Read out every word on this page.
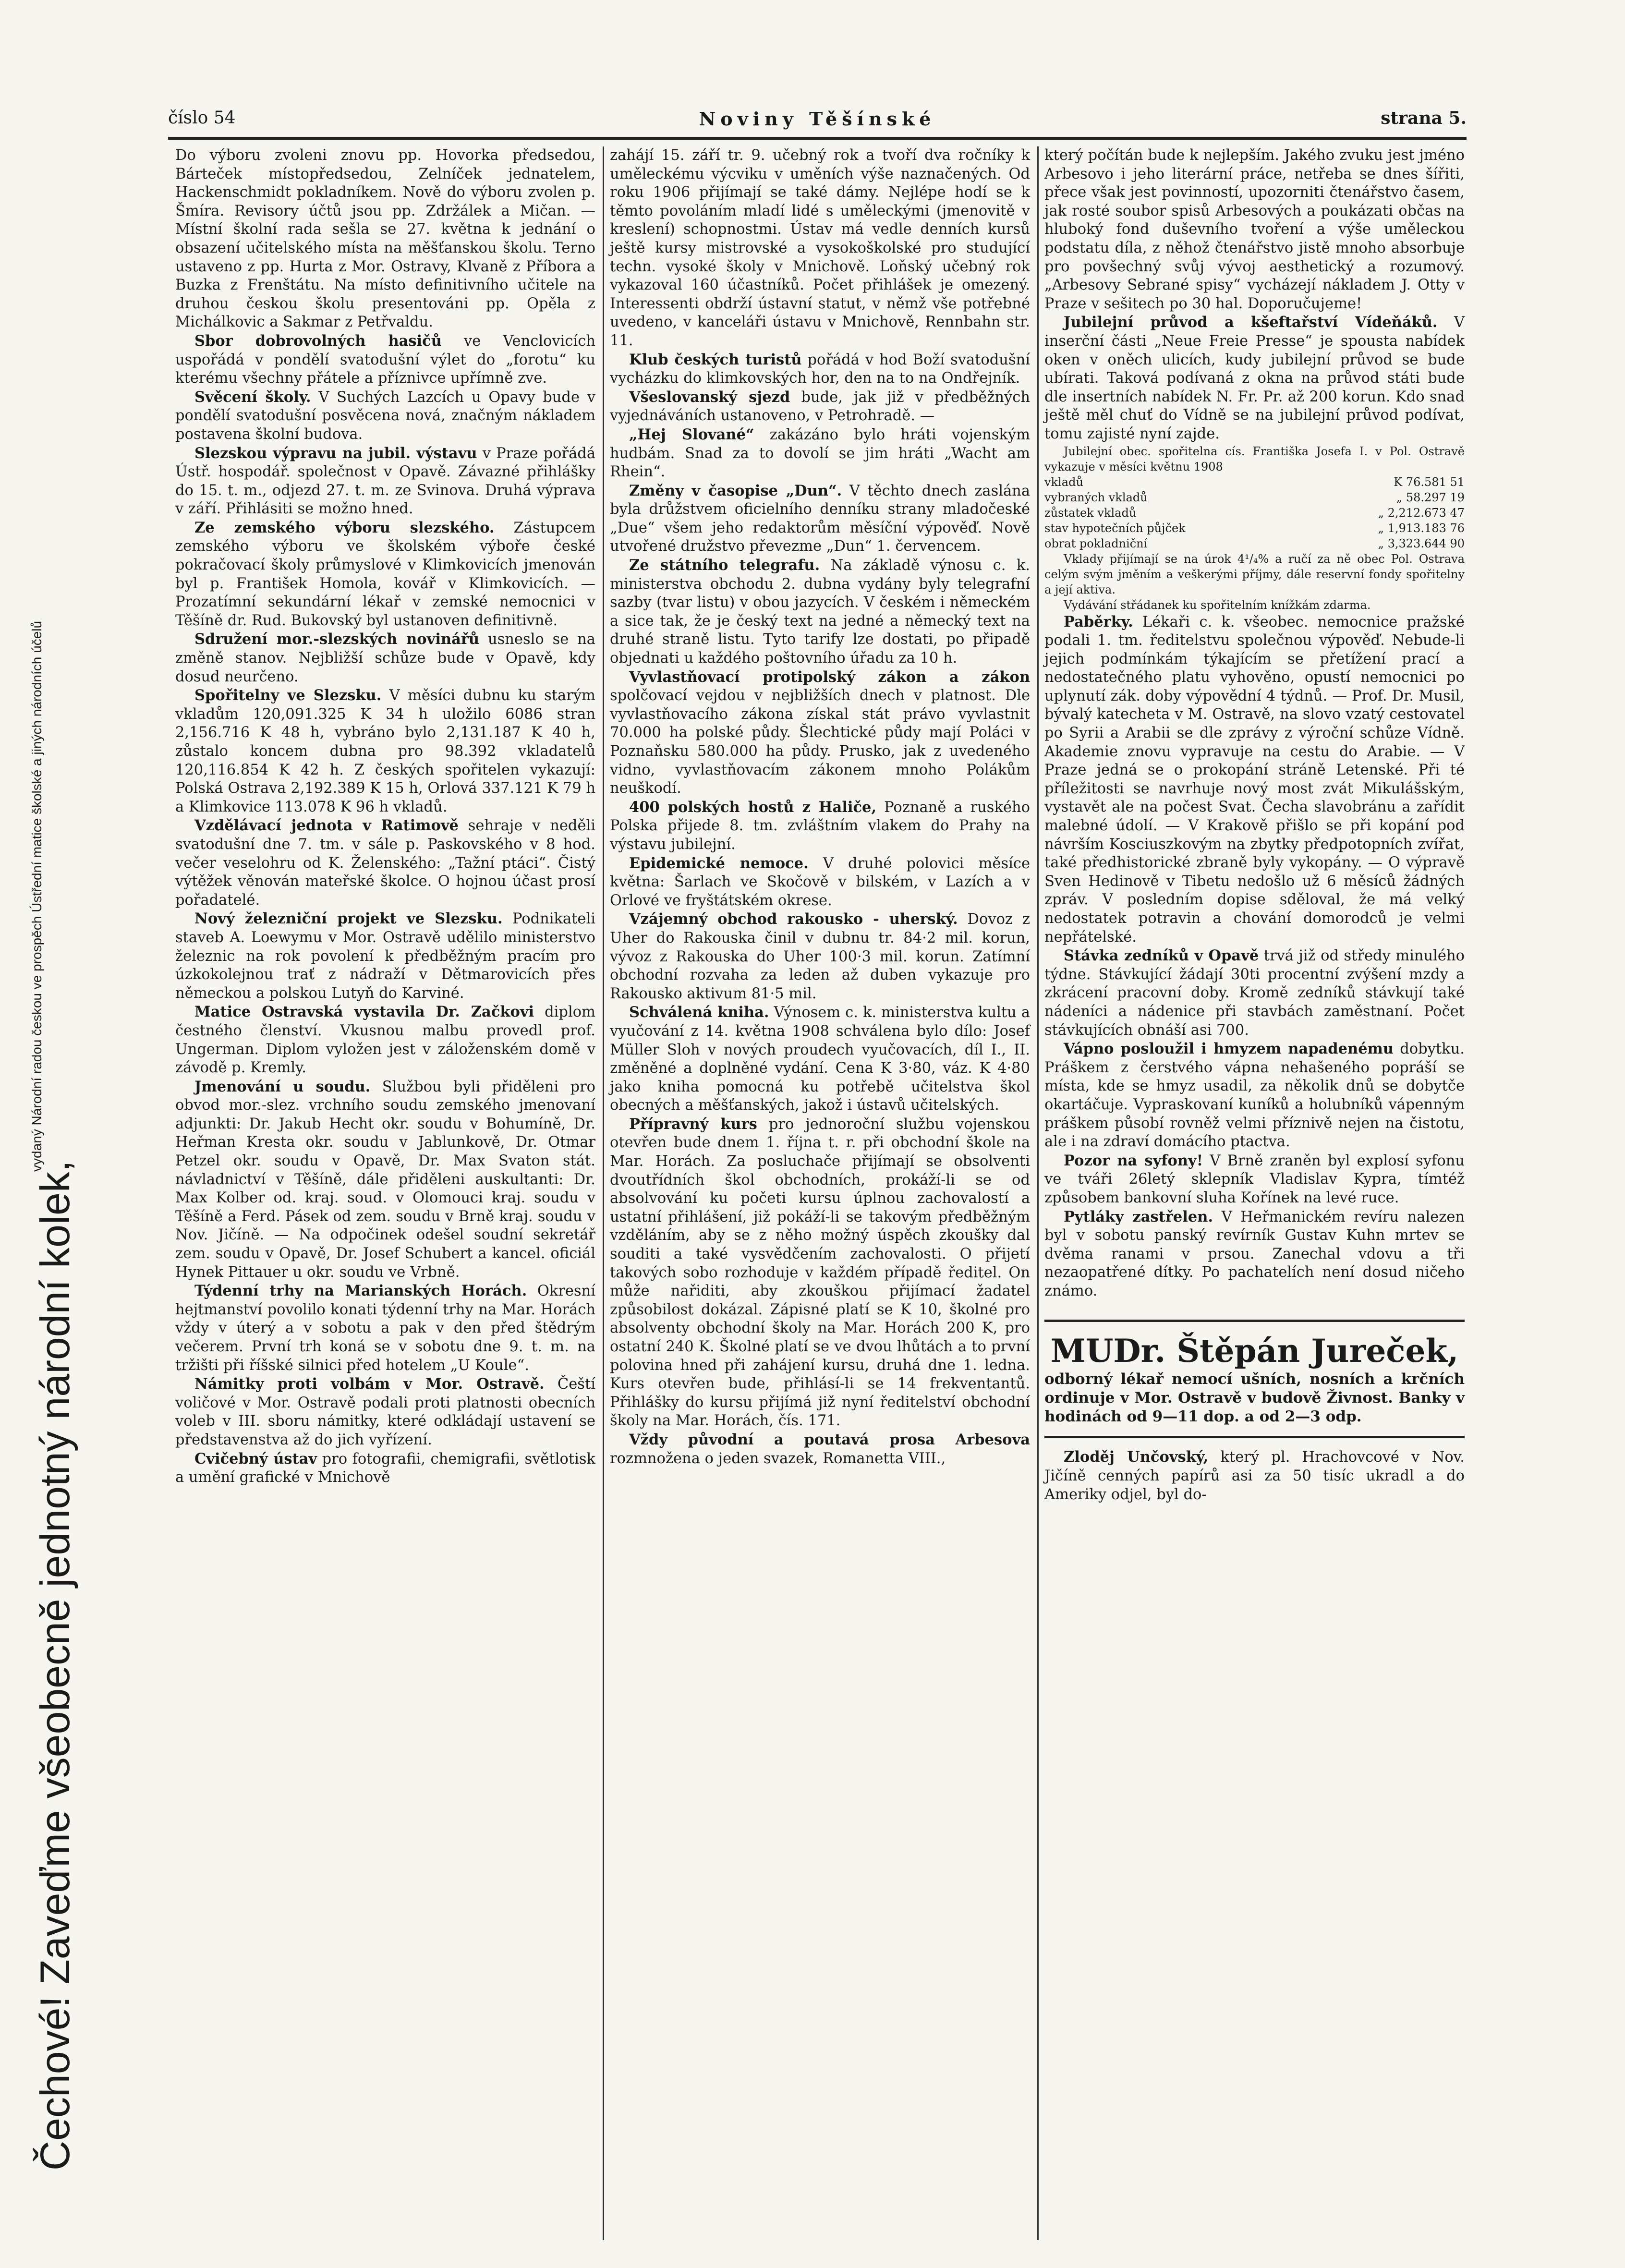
číslo 54	Noviny Těšínské	strana 5.
Čechové! Zaveďme všeobecně jednotný národní kolek,
vydaný Národní radou českou ve prospěch Ústřední matice školské a jiných národních účelů

Do výboru zvoleni znovu pp. Hovorka předsedou, Bárteček místopředsedou, Zelníček jednatelem, Hackenschmidt pokladníkem. Nově do výboru zvolen p. Šmíra. Revisory účtů jsou pp. Zdržálek a Mičan. — Místní školní rada sešla se 27. května k jednání o obsazení učitelského místa na měšťanskou školu. Terno ustaveno z pp. Hurta z Mor. Ostravy, Klvaně z Příbora a Buzka z Frenštátu. Na místo definitivního učitele na druhou českou školu presentováni pp. Opěla z Michálkovic a Sakmar z Petřvaldu.

Sbor dobrovolných hasičů ve Venclovicích uspořádá v pondělí svatodušní výlet do „forotu“ ku kterému všechny přátele a příznivce upřímně zve.

Svěcení školy. V Suchých Lazcích u Opavy bude v pondělí svatodušní posvěcena nová, značným nákladem postavena školní budova.

Slezskou výpravu na jubil. výstavu v Praze pořádá Ústř. hospodář. společnost v Opavě. Závazné přihlášky do 15. t. m., odjezd 27. t. m. ze Svinova. Druhá výprava v září. Přihlásiti se možno hned.

Ze zemského výboru slezského. Zástupcem zemského výboru ve školském výboře české pokračovací školy průmyslové v Klimkovicích jmenován byl p. František Homola, kovář v Klimkovicích. — Prozatímní sekundární lékař v zemské nemocnici v Těšíně dr. Rud. Bukovský byl ustanoven definitivně.

Sdružení mor.-slezských novinářů usneslo se na změně stanov. Nejbližší schůze bude v Opavě, kdy dosud neurčeno.

Spořitelny ve Slezsku. V měsíci dubnu ku starým vkladům 120,091.325 K 34 h uložilo 6086 stran 2,156.716 K 48 h, vybráno bylo 2,131.187 K 40 h, zůstalo koncem dubna pro 98.392 vkladatelů 120,116.854 K 42 h. Z českých spořitelen vykazují: Polská Ostrava 2,192.389 K 15 h, Orlová 337.121 K 79 h a Klimkovice 113.078 K 96 h vkladů.

Vzdělávací jednota v Ratimově sehraje v neděli svatodušní dne 7. tm. v sále p. Paskovského v 8 hod. večer veselohru od K. Želenského: „Tažní ptáci“. Čistý výtěžek věnován mateřské školce. O hojnou účast prosí pořadatelé.

Nový železniční projekt ve Slezsku. Podnikateli staveb A. Loewymu v Mor. Ostravě udělilo ministerstvo železnic na rok povolení k předběžným pracím pro úzkokolejnou trať z nádraží v Dětmarovicích přes německou a polskou Lutyň do Karviné.

Matice Ostravská vystavila Dr. Začkovi diplom čestného členství. Vkusnou malbu provedl prof. Ungerman. Diplom vyložen jest v záloženském domě v závodě p. Kremly.

Jmenování u soudu. Službou byli přiděleni pro obvod mor.-slez. vrchního soudu zemského jmenovaní adjunkti: Dr. Jakub Hecht okr. soudu v Bohumíně, Dr. Heřman Kresta okr. soudu v Jablunkově, Dr. Otmar Petzel okr. soudu v Opavě, Dr. Max Svaton stát. návladnictví v Těšíně, dále přiděleni auskultanti: Dr. Max Kolber od. kraj. soud. v Olomouci kraj. soudu v Těšíně a Ferd. Pásek od zem. soudu v Brně kraj. soudu v Nov. Jičíně. — Na odpočinek odešel soudní sekretář zem. soudu v Opavě, Dr. Josef Schubert a kancel. oficiál Hynek Pittauer u okr. soudu ve Vrbně.

Týdenní trhy na Marianských Horách. Okresní hejtmanství povolilo konati týdenní trhy na Mar. Horách vždy v úterý a v sobotu a pak v den před štědrým večerem. První trh koná se v sobotu dne 9. t. m. na tržišti při říšské silnici před hotelem „U Koule“.

Námitky proti volbám v Mor. Ostravě. Čeští voličové v Mor. Ostravě podali proti platnosti obecních voleb v III. sboru námitky, které odkládají ustavení se představenstva až do jich vyřízení.

Cvičebný ústav pro fotografii, chemigrafii, světlotisk a umění grafické v Mnichově

zahájí 15. září tr. 9. učebný rok a tvoří dva ročníky k uměleckému výcviku v uměních výše naznačených. Od roku 1906 přijímají se také dámy. Nejlépe hodí se k těmto povoláním mladí lidé s uměleckými (jmenovitě v kreslení) schopnostmi. Ústav má vedle denních kursů ještě kursy mistrovské a vysokoškolské pro studující techn. vysoké školy v Mnichově. Loňský učebný rok vykazoval 160 účastníků. Počet přihlášek je omezený. Interessenti obdrží ústavní statut, v němž vše potřebné uvedeno, v kanceláři ústavu v Mnichově, Rennbahn str. 11.

Klub českých turistů pořádá v hod Boží svatodušní vycházku do klimkovských hor, den na to na Ondřejník.

Všeslovanský sjezd bude, jak již v předběžných vyjednáváních ustanoveno, v Petrohradě. —

„Hej Slované“ zakázáno bylo hráti vojenským hudbám. Snad za to dovolí se jim hráti „Wacht am Rhein“.

Změny v časopise „Dun“. V těchto dnech zaslána byla drůžstvem oficielního denníku strany mladočeské „Due“ všem jeho redaktorům měsíční výpověď. Nově utvořené družstvo převezme „Dun“ 1. červencem.

Ze státního telegrafu. Na základě výnosu c. k. ministerstva obchodu 2. dubna vydány byly telegrafní sazby (tvar listu) v obou jazycích. V českém i německém a sice tak, že je český text na jedné a německý text na druhé straně listu. Tyto tarify lze dostati, po připadě objednati u každého poštovního úřadu za 10 h.

Vyvlastňovací protipolský zákon a zákon spolčovací vejdou v nejbližších dnech v platnost. Dle vyvlastňovacího zákona získal stát právo vyvlastnit 70.000 ha polské půdy. Šlechtické půdy mají Poláci v Poznaňsku 580.000 ha půdy. Prusko, jak z uvedeného vidno, vyvlastňovacím zákonem mnoho Polákům neuškodí.

400 polských hostů z Haliče, Poznaně a ruského Polska přijede 8. tm. zvláštním vlakem do Prahy na výstavu jubilejní.

Epidemické nemoce. V druhé polovici měsíce května: Šarlach ve Skočově v bilském, v Lazích a v Orlové ve fryštátském okrese.

Vzájemný obchod rakousko - uherský. Dovoz z Uher do Rakouska činil v dubnu tr. 84·2 mil. korun, vývoz z Rakouska do Uher 100·3 mil. korun. Zatímní obchodní rozvaha za leden až duben vykazuje pro Rakousko aktivum 81·5 mil.

Schválená kniha. Výnosem c. k. ministerstva kultu a vyučování z 14. května 1908 schválena bylo dílo: Josef Müller Sloh v nových proudech vyučovacích, díl I., II. změněné a doplněné vydání. Cena K 3·80, váz. K 4·80 jako kniha pomocná ku potřebě učitelstva škol obecných a měšťanských, jakož i ústavů učitelských.

Přípravný kurs pro jednoroční službu vojenskou otevřen bude dnem 1. října t. r. při obchodní škole na Mar. Horách. Za posluchače přijímají se obsolventi dvoutřídních škol obchodních, prokáží-li se od absolvování ku početi kursu úplnou zachovalostí a ustatní přihlášení, již pokáží-li se takovým předběžným vzděláním, aby se z něho možný úspěch zkoušky dal souditi a také vysvědčením zachovalosti. O přijetí takových sobo rozhoduje v každém případě ředitel. On může nařiditi, aby zkouškou přijímací žadatel způsobilost dokázal. Zápisné platí se K 10, školné pro absolventy obchodní školy na Mar. Horách 200 K, pro ostatní 240 K. Školné platí se ve dvou lhůtách a to první polovina hned při zahájení kursu, druhá dne 1. ledna. Kurs otevřen bude, přihlásí-li se 14 frekventantů. Přihlášky do kursu přijímá již nyní ředitelství obchodní školy na Mar. Horách, čís. 171.

Vždy původní a poutavá prosa Arbesova rozmnožena o jeden svazek, Romanetta VIII.,

který počítán bude k nejlepším. Jakého zvuku jest jméno Arbesovo i jeho literární práce, netřeba se dnes šířiti, přece však jest povinností, upozorniti čtenářstvo časem, jak rosté soubor spisů Arbesových a poukázati občas na hluboký fond duševního tvoření a výše uměleckou podstatu díla, z něhož čtenářstvo jistě mnoho absorbuje pro povšechný svůj vývoj aesthetický a rozumový. „Arbesovy Sebrané spisy“ vycházejí nákladem J. Otty v Praze v sešitech po 30 hal. Doporučujeme!

Jubilejní průvod a kšeftařství Vídeňáků. V inserční části „Neue Freie Presse“ je spousta nabídek oken v oněch ulicích, kudy jubilejní průvod se bude ubírati. Taková podívaná z okna na průvod státi bude dle insertních nabídek N. Fr. Pr. až 200 korun. Kdo snad ještě měl chuť do Vídně se na jubilejní průvod podívat, tomu zajisté nyní zajde.

Jubilejní obec. spořitelna cís. Františka Josefa I. v Pol. Ostravě vykazuje v měsíci květnu 1908

vkladů	K 76.581 51
vybraných vkladů	„ 58.297 19
zůstatek vkladů	„ 2,212.673 47
stav hypotečních půjček	„ 1,913.183 76
obrat pokladniční	„ 3,323.644 90

Vklady přijímají se na úrok 4¹/₄% a ručí za ně obec Pol. Ostrava celým svým jměním a veškerými příjmy, dále reservní fondy spořitelny a její aktiva.

Vydávání střádanek ku spořitelním knížkám zdarma.

Paběrky. Lékaři c. k. všeobec. nemocnice pražské podali 1. tm. ředitelstvu společnou výpověď. Nebude-li jejich podmínkám týkajícím se přetížení prací a nedostatečného platu vyhověno, opustí nemocnici po uplynutí zák. doby výpovědní 4 týdnů. — Prof. Dr. Musil, bývalý katecheta v M. Ostravě, na slovo vzatý cestovatel po Syrii a Arabii se dle zprávy z výroční schůze Vídně. Akademie znovu vypravuje na cestu do Arabie. — V Praze jedná se o prokopání stráně Letenské. Při té příležitosti se navrhuje nový most zvát Mikulášským, vystavět ale na počest Svat. Čecha slavobránu a zařídit malebné údolí. — V Krakově přišlo se při kopání pod návrším Kosciuszkovým na zbytky předpotopních zvířat, také předhistorické zbraně byly vykopány. — O výpravě Sven Hedinově v Tibetu nedošlo už 6 měsíců žádných zpráv. V posledním dopise sděloval, že má velký nedostatek potravin a chování domorodců je velmi nepřátelské.

Stávka zedníků v Opavě trvá již od středy minulého týdne. Stávkující žádají 30ti procentní zvýšení mzdy a zkrácení pracovní doby. Kromě zedníků stávkují také nádeníci a nádenice při stavbách zaměstnaní. Počet stávkujících obnáší asi 700.

Vápno posloužil i hmyzem napadenému dobytku. Práškem z čerstvého vápna nehašeného popráší se místa, kde se hmyz usadil, za několik dnů se dobytče okartáčuje. Vypraskovaní kuníků a holubníků vápenným práškem působí rovněž velmi příznivě nejen na čistotu, ale i na zdraví domácího ptactva.

Pozor na syfony! V Brně zraněn byl explosí syfonu ve tváři 26letý sklepník Vladislav Kypra, tímtéž způsobem bankovní sluha Kořínek na levé ruce.

Pytláky zastřelen. V Heřmanickém revíru nalezen byl v sobotu panský revírník Gustav Kuhn mrtev se dvěma ranami v prsou. Zanechal vdovu a tři nezaopatřené dítky. Po pachatelích není dosud ničeho známo.

MUDr. Štěpán Jureček,
odborný lékař nemocí ušních, nosních a krčních ordinuje v Mor. Ostravě v budově Živnost. Banky v hodinách od 9—11 dop. a od 2—3 odp.

Zloděj Unčovský, který pl. Hrachovcové v Nov. Jičíně cenných papírů asi za 50 tisíc ukradl a do Ameriky odjel, byl do-
